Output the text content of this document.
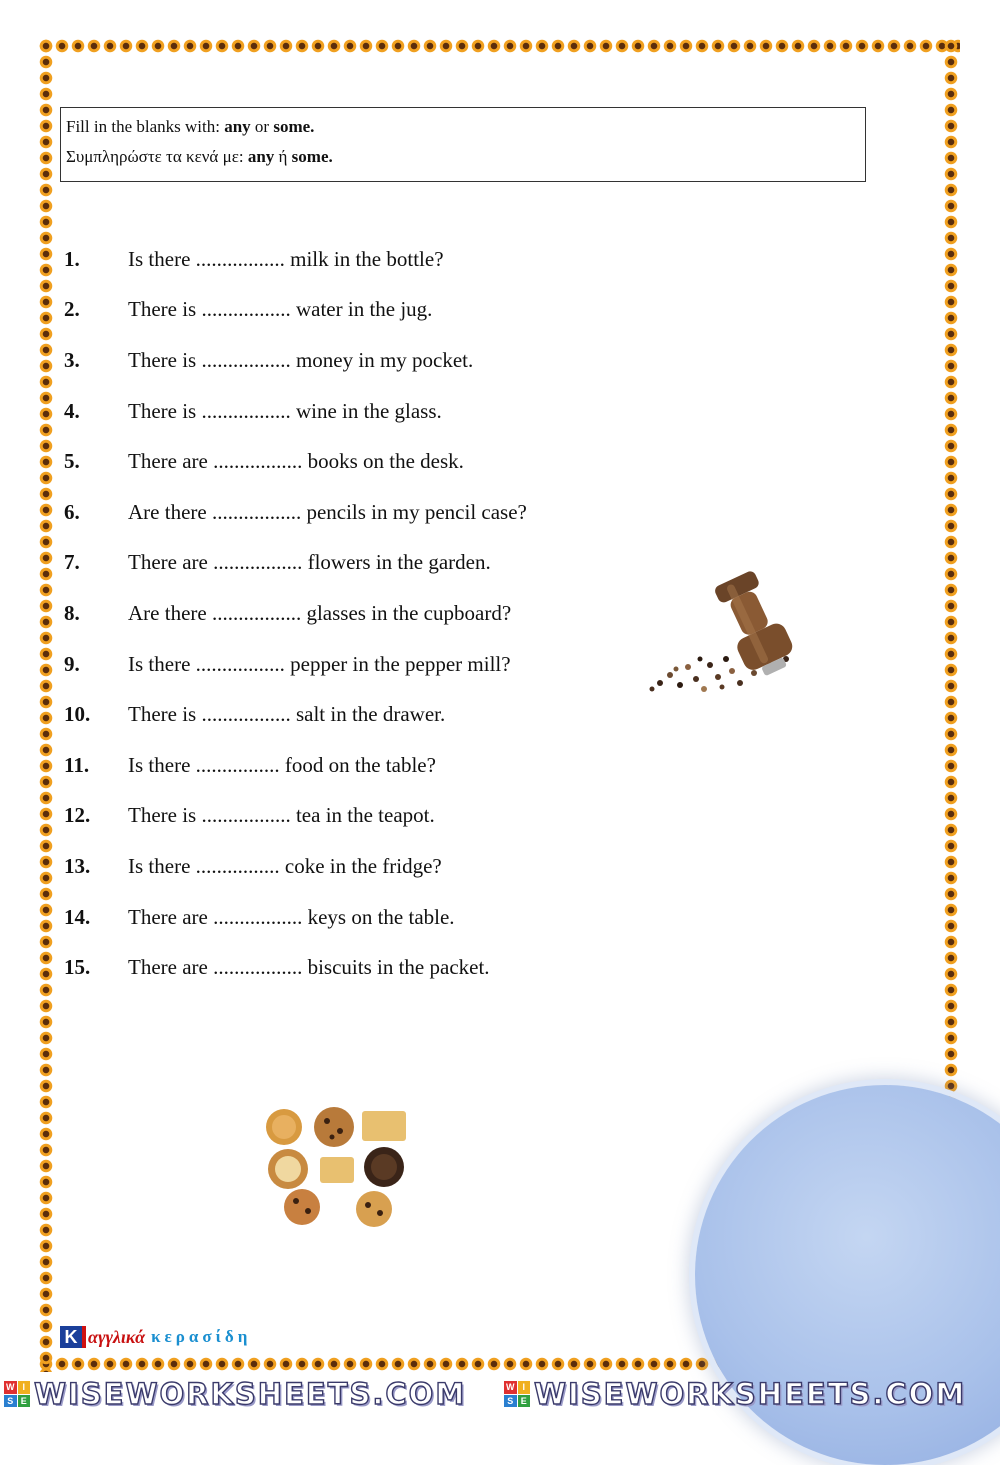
Fill in the blanks with: any or some.
Συμπληρώστε τα κενά με: any ή some.
1.	Is there ................. milk in the bottle?
2.	There is ................. water in the jug.
3.	There is ................. money in my pocket.
4.	There is ................. wine in the glass.
5.	There are ................. books on the desk.
6.	Are there ................. pencils in my pencil case?
7.	There are ................. flowers in the garden.
8.	Are there ................. glasses in the cupboard?
9.	Is there ................. pepper in the pepper mill?
10.	There is ................. salt in the drawer.
11.	Is there ................ food on the table?
12.	There is ................. tea in the teapot.
13.	Is there ................ coke in the fridge?
14.	There are ................. keys on the table.
15.	There are ................. biscuits in the packet.
K αγγλικά κερασίδη
W I
S E WISEWORKSHEETS.COM	W I
S E WISEWORKSHEETS.COM
